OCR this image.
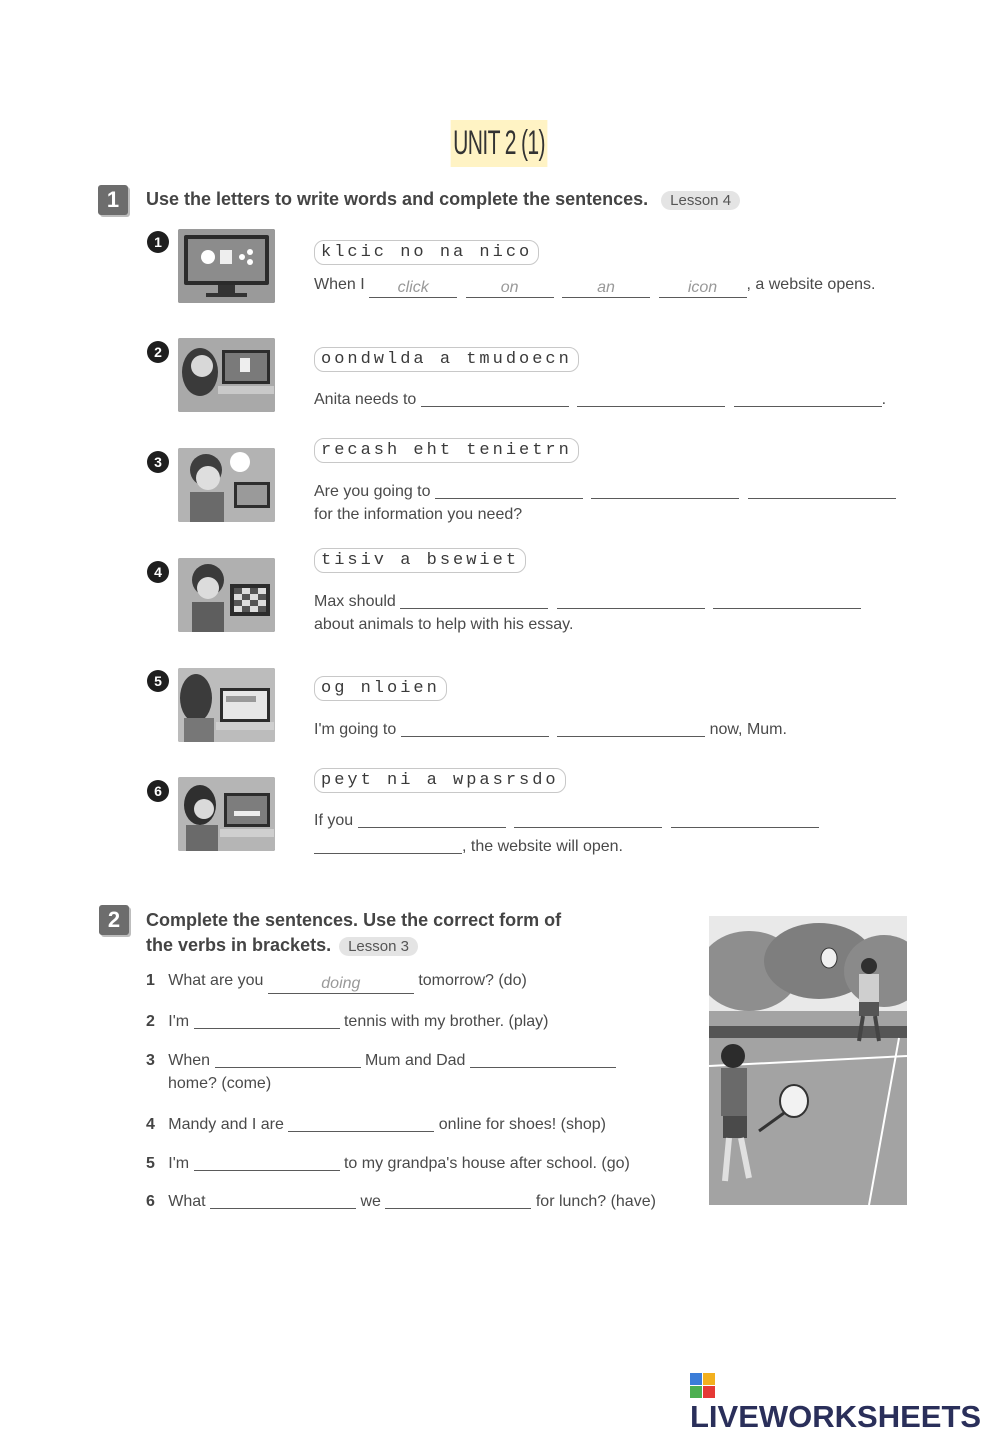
UNIT 2 (1)
1	Use the letters to write words and complete the sentences. Lesson 4
1
klcic no na nico
When I click	on	an	icon , a website opens.
2	oondwlda a tmudoecn
Anita needs to	.
3
recash eht tenietrn
Are you going to
for the information you need?
4
tisiv a bsewiet
Max should
about animals to help with his essay.
5	og nloien
I'm going to	now, Mum.
6
peyt ni a wpasrsdo
If you
, the website will open.
2	Complete the sentences. Use the correct form of
the verbs in brackets. Lesson 3
1 What are you	doing	tomorrow? (do)
2 I'm	tennis with my brother. (play)
3 When	Mum and Dad
home? (come)
4 Mandy and I are	online for shoes! (shop)
5 I'm	to my grandpa's house after school. (go)
6 What	we	for lunch? (have)
LIVEWORKSHEETS
